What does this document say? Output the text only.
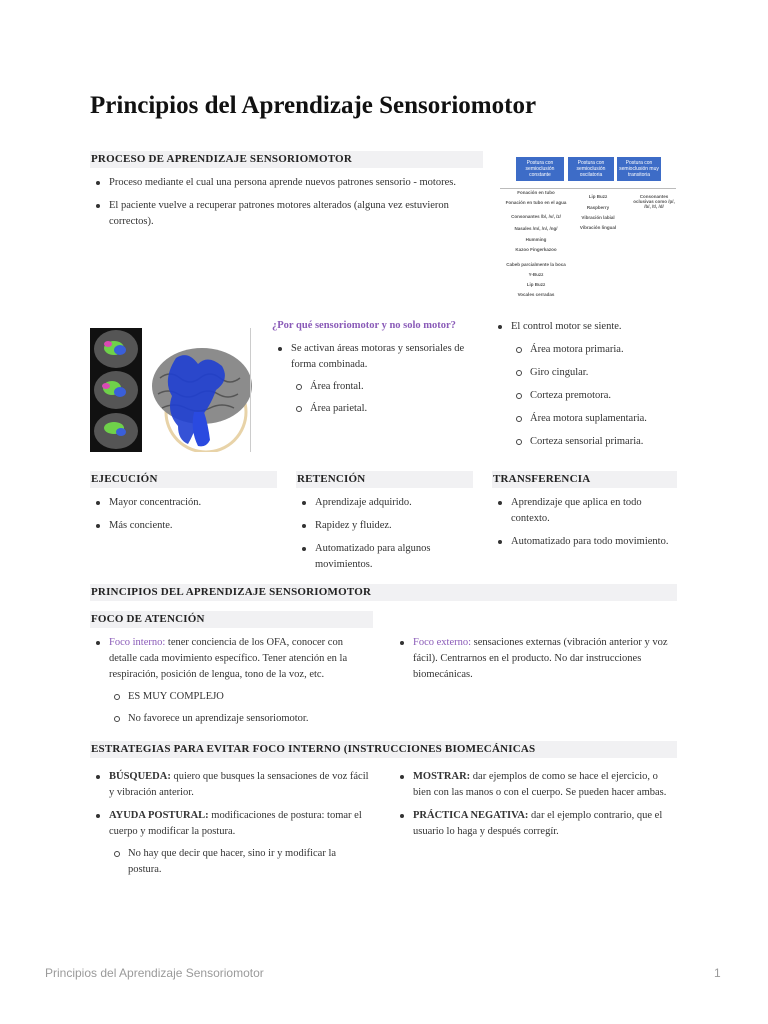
Principios del Aprendizaje Sensoriomotor
PROCESO DE APRENDIZAJE SENSORIOMOTOR
Proceso mediante el cual una persona aprende nuevos patrones sensorio - motores.
El paciente vuelve a recuperar patrones motores alterados (alguna vez estuvieron correctos).
Postura con semioclusión constante
Postura con semioclusión oscilatoria
Postura con semioclusión muy transitoria
Fonación en tubo
Fonación en tubo en el agua
Consonantes /b/, /v/, /z/
Nasales /m/, /n/, /ng/
Humming
Kazoo Fingerkazoo
Cabeb parcialmente la boca
Y-Buzz
Lip Buzz
Vocales cerradas
Lip Buzz
Raspberry
Vibración labial
Vibración lingual
Consonantes oclusivas como /p/, /b/, /t/, /d/
¿Por qué sensoriomotor y no solo motor?
Se activan áreas motoras y sensoriales de forma combinada.
Área frontal.
Área parietal.
El control motor se siente.
Área motora primaria.
Giro cingular.
Corteza premotora.
Área motora suplamentaria.
Corteza sensorial primaria.
EJECUCIÓN
Mayor concentración.
Más conciente.
RETENCIÓN
Aprendizaje adquirido.
Rapidez y fluidez.
Automatizado para algunos movimientos.
TRANSFERENCIA
Aprendizaje que aplica en todo contexto.
Automatizado para todo movimiento.
PRINCIPIOS DEL APRENDIZAJE SENSORIOMOTOR
FOCO DE ATENCIÓN
Foco interno: tener conciencia de los OFA, conocer con detalle cada movimiento específico. Tener atención en la respiración, posición de lengua, tono de la voz, etc.
ES MUY COMPLEJO
No favorece un aprendizaje sensoriomotor.
Foco externo: sensaciones externas (vibración anterior y voz fácil). Centrarnos en el producto. No dar instrucciones biomecánicas.
ESTRATEGIAS PARA EVITAR FOCO INTERNO (INSTRUCCIONES BIOMECÁNICAS
BÚSQUEDA: quiero que busques la sensaciones de voz fácil y vibración anterior.
AYUDA POSTURAL: modificaciones de postura: tomar el cuerpo y modificar la postura.
No hay que decir que hacer, sino ir y modificar la postura.
MOSTRAR: dar ejemplos de como se hace el ejercicio, o bien con las manos o con el cuerpo. Se pueden hacer ambas.
PRÁCTICA NEGATIVA: dar el ejemplo contrario, que el usuario lo haga y después corregír.
Principios del Aprendizaje Sensoriomotor	1
